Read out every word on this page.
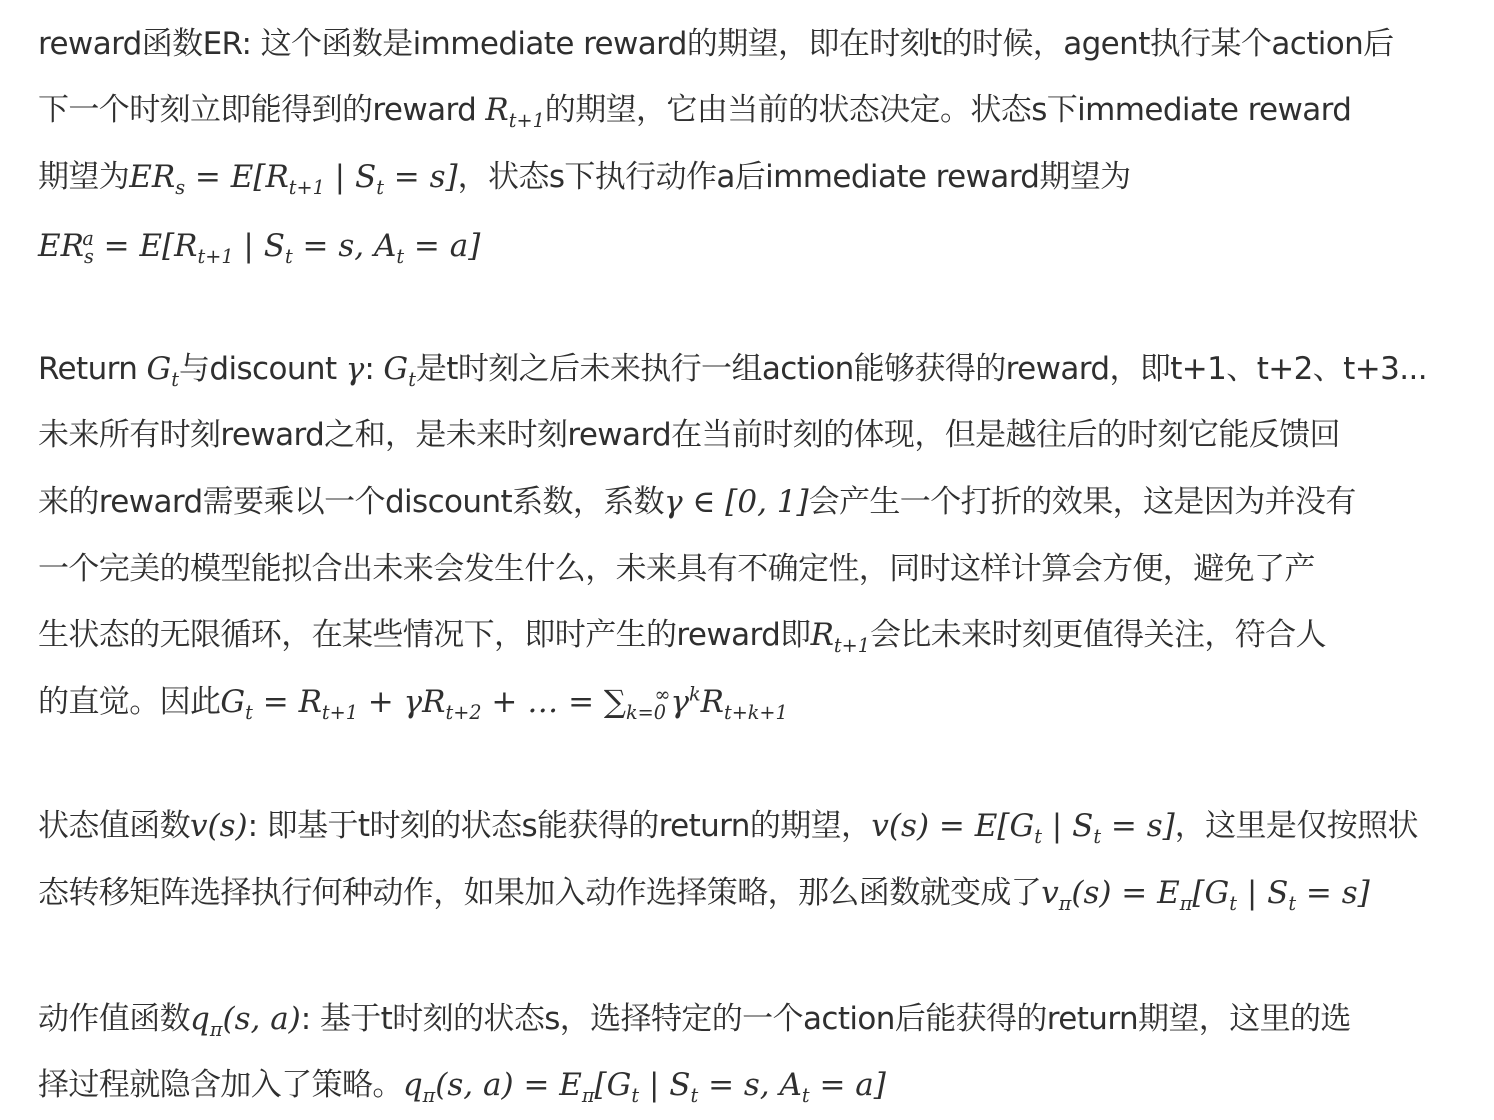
reward函数ER: 这个函数是immediate reward的期望，即在时刻t的时候，agent执行某个action后
下一个时刻立即能得到的reward $R_{t+1}$的期望，它由当前的状态决定。状态s下immediate reward
期望为$ER_s = E[R_{t+1}$ | $S_t = s$]，状态s下执行动作a后immediate reward期望为
$ER_s^a = E[R_{t+1}$ | $S_t = s$, $A_t = a$]
Return $G_t$与discount γ: $G_t$是t时刻之后未来执行一组action能够获得的reward，即t+1、t+2、t+3...
未来所有时刻reward之和，是未来时刻reward在当前时刻的体现，但是越往后的时刻它能反馈回
来的reward需要乘以一个discount系数，系数γ ∈ [0, 1]会产生一个打折的效果，这是因为并没有
一个完美的模型能拟合出未来会发生什么，未来具有不确定性，同时这样计算会方便，避免了产
生状态的无限循环，在某些情况下，即时产生的reward即$R_{t+1}$会比未来时刻更值得关注，符合人
的直觉。因此$G_t = R_{t+1} + \gamma R_{t+2}$ + … = $\sum_{k=0}^\infty\gamma^kR_{t+k+1}$
状态值函数v(s): 即基于t时刻的状态s能获得的return的期望，$v(s) = E[G_t$ | $S_t = s$]，这里是仅按照状
态转移矩阵选择执行何种动作，如果加入动作选择策略，那么函数就变成了$v_\pi(s) = E_\pi[G_t$ | $S_t = s$]
动作值函数$q_\pi(s$, a): 基于t时刻的状态s，选择特定的一个action后能获得的return期望，这里的选
择过程就隐含加入了策略。$q_\pi(s$, $a) = E_\pi[G_t$ | $S_t = s$, $A_t = a$]
